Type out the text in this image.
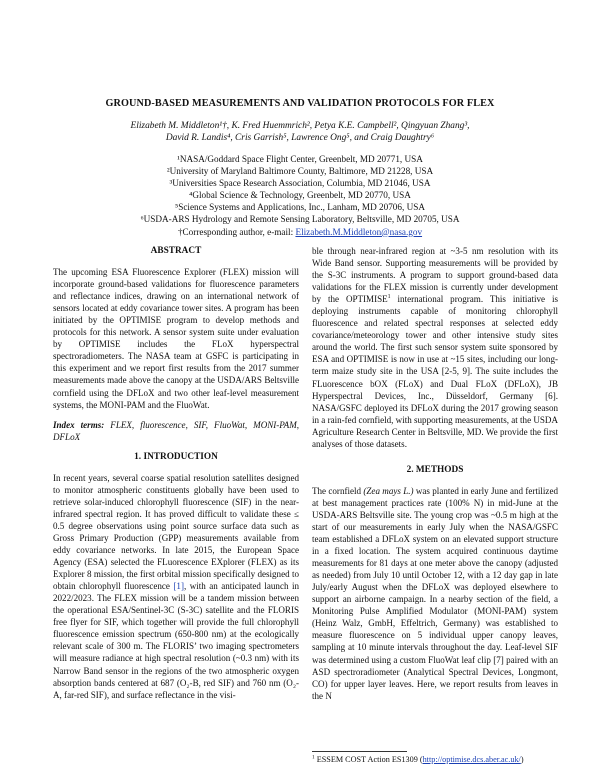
GROUND-BASED MEASUREMENTS AND VALIDATION PROTOCOLS FOR FLEX
Elizabeth M. Middleton¹†, K. Fred Huemmrich², Petya K.E. Campbell², Qingyuan Zhang³,
David R. Landis⁴, Cris Garrish⁵, Lawrence Ong⁵, and Craig Daughtry⁶
¹NASA/Goddard Space Flight Center, Greenbelt, MD 20771, USA
²University of Maryland Baltimore County, Baltimore, MD 21228, USA
³Universities Space Research Association, Columbia, MD 21046, USA
⁴Global Science & Technology, Greenbelt, MD 20770, USA
⁵Science Systems and Applications, Inc., Lanham, MD 20706, USA
⁶USDA-ARS Hydrology and Remote Sensing Laboratory, Beltsville, MD 20705, USA
†Corresponding author, e-mail: Elizabeth.M.Middleton@nasa.gov
ABSTRACT

The upcoming ESA Fluorescence Explorer (FLEX) mission will incorporate ground-based validations for fluorescence parameters and reflectance indices, drawing on an international network of sensors located at eddy covariance tower sites. A program has been initiated by the OPTIMISE program to develop methods and protocols for this network. A sensor system suite under evaluation by OPTIMISE includes the FLoX hyperspectral spectroradiometers. The NASA team at GSFC is participating in this experiment and we report first results from the 2017 summer measurements made above the canopy at the USDA/ARS Beltsville cornfield using the DFLoX and two other leaf-level measurement systems, the MONI-PAM and the FluoWat.

Index terms: FLEX, fluorescence, SIF, FluoWat, MONI-PAM, DFLoX

1. INTRODUCTION

In recent years, several coarse spatial resolution satellites designed to monitor atmospheric constituents globally have been used to retrieve solar-induced chlorophyll fluorescence (SIF) in the near-infrared spectral region. It has proved difficult to validate these ≤ 0.5 degree observations using point source surface data such as Gross Primary Production (GPP) measurements available from eddy covariance networks. In late 2015, the European Space Agency (ESA) selected the FLuorescence EXplorer (FLEX) as its Explorer 8 mission, the first orbital mission specifically designed to obtain chlorophyll fluorescence [1], with an anticipated launch in 2022/2023. The FLEX mission will be a tandem mission between the operational ESA/Sentinel-3C (S-3C) satellite and the FLORIS free flyer for SIF, which together will provide the full chlorophyll fluorescence emission spectrum (650-800 nm) at the ecologically relevant scale of 300 m. The FLORIS’ two imaging spectrometers will measure radiance at high spectral resolution (~0.3 nm) with its Narrow Band sensor in the regions of the two atmospheric oxygen absorption bands centered at 687 (O₂-B, red SIF) and 760 nm (O₂-A, far-red SIF), and surface reflectance in the visi-

ble through near-infrared region at ~3-5 nm resolution with its Wide Band sensor. Supporting measurements will be provided by the S-3C instruments. A program to support ground-based data validations for the FLEX mission is currently under development by the OPTIMISE$^1$ international program. This initiative is deploying instruments capable of monitoring chlorophyll fluorescence and related spectral responses at selected eddy covariance/meteorology tower and other intensive study sites around the world. The first such sensor system suite sponsored by ESA and OPTIMISE is now in use at ~15 sites, including our long-term maize study site in the USA [2-5, 9]. The suite includes the FLuorescence bOX (FLoX) and Dual FLoX (DFLoX), JB Hyperspectral Devices, Inc., Düsseldorf, Germany [6]. NASA/GSFC deployed its DFLoX during the 2017 growing season in a rain-fed cornfield, with supporting measurements, at the USDA Agriculture Research Center in Beltsville, MD. We provide the first analyses of those datasets.

2. METHODS

The cornfield (Zea mays L.) was planted in early June and fertilized at best management practices rate (100% N) in mid-June at the USDA-ARS Beltsville site. The young crop was ~0.5 m high at the start of our measurements in early July when the NASA/GSFC team established a DFLoX system on an elevated support structure in a fixed location. The system acquired continuous daytime measurements for 81 days at one meter above the canopy (adjusted as needed) from July 10 until October 12, with a 12 day gap in late July/early August when the DFLoX was deployed elsewhere to support an airborne campaign. In a nearby section of the field, a Monitoring Pulse Amplified Modulator (MONI-PAM) system (Heinz Walz, GmbH, Effeltrich, Germany) was established to measure fluorescence on 5 individual upper canopy leaves, sampling at 10 minute intervals throughout the day. Leaf-level SIF was determined using a custom FluoWat leaf clip [7] paired with an ASD spectroradiometer (Analytical Spectral Devices, Longmont, CO) for upper layer leaves. Here, we report results from leaves in the N

$^1$ ESSEM COST Action ES1309 (http://optimise.dcs.aber.ac.uk/)
